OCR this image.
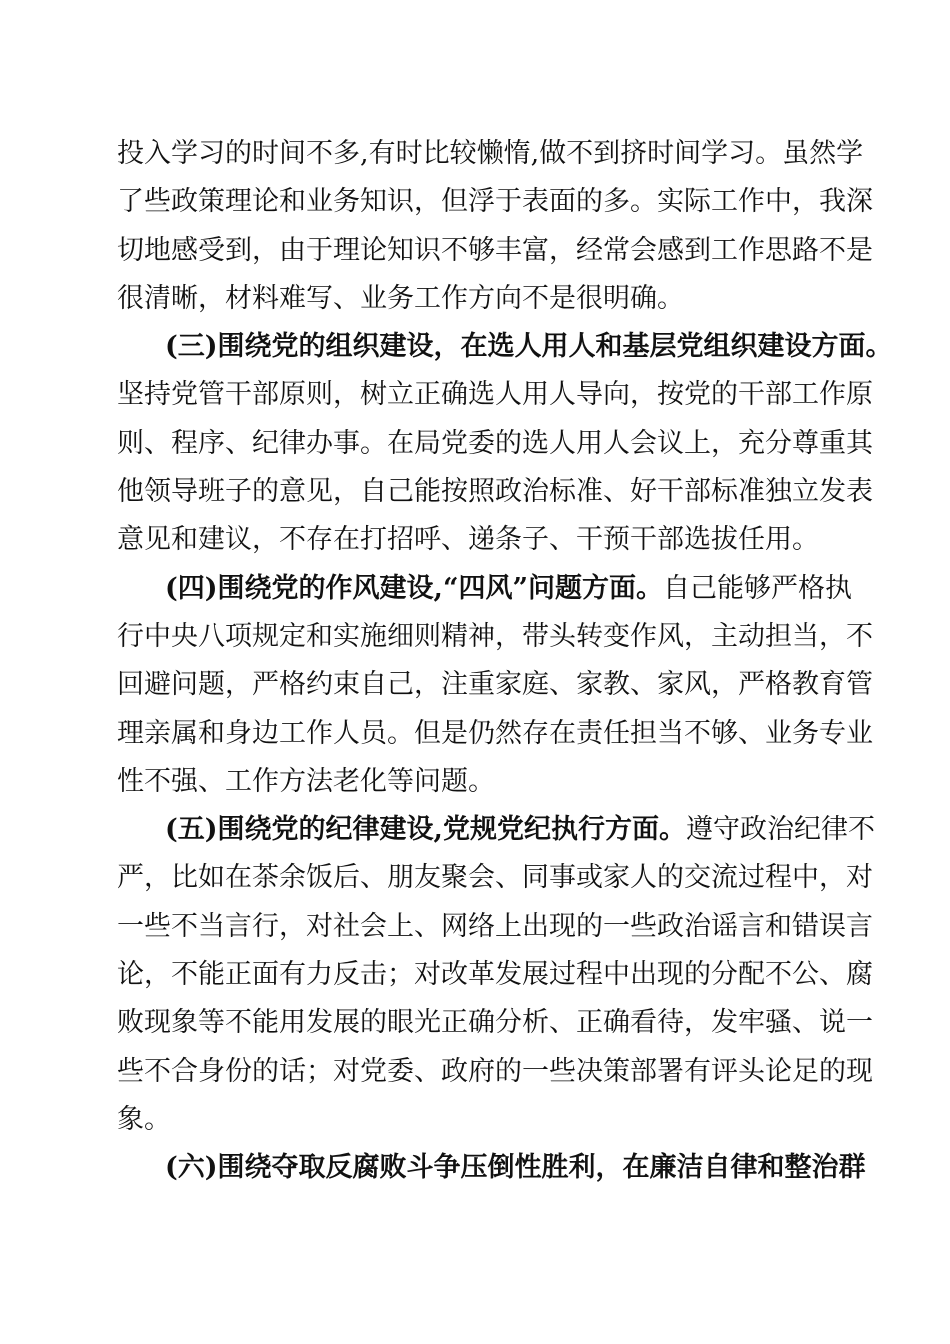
投入学习的时间不多,有时比较懒惰,做不到挤时间学习。虽然学
了些政策理论和业务知识，但浮于表面的多。实际工作中，我深
切地感受到，由于理论知识不够丰富，经常会感到工作思路不是
很清晰，材料难写、业务工作方向不是很明确。
(三)围绕党的组织建设，在选人用人和基层党组织建设方面。
坚持党管干部原则，树立正确选人用人导向，按党的干部工作原
则、程序、纪律办事。在局党委的选人用人会议上，充分尊重其
他领导班子的意见，自己能按照政治标准、好干部标准独立发表
意见和建议，不存在打招呼、递条子、干预干部选拔任用。
(四)围绕党的作风建设,“四风”问题方面。自己能够严格执
行中央八项规定和实施细则精神，带头转变作风，主动担当，不
回避问题，严格约束自己，注重家庭、家教、家风，严格教育管
理亲属和身边工作人员。但是仍然存在责任担当不够、业务专业
性不强、工作方法老化等问题。
(五)围绕党的纪律建设,党规党纪执行方面。遵守政治纪律不
严，比如在茶余饭后、朋友聚会、同事或家人的交流过程中，对
一些不当言行，对社会上、网络上出现的一些政治谣言和错误言
论，不能正面有力反击；对改革发展过程中出现的分配不公、腐
败现象等不能用发展的眼光正确分析、正确看待，发牢骚、说一
些不合身份的话；对党委、政府的一些决策部署有评头论足的现
象。
(六)围绕夺取反腐败斗争压倒性胜利，在廉洁自律和整治群
